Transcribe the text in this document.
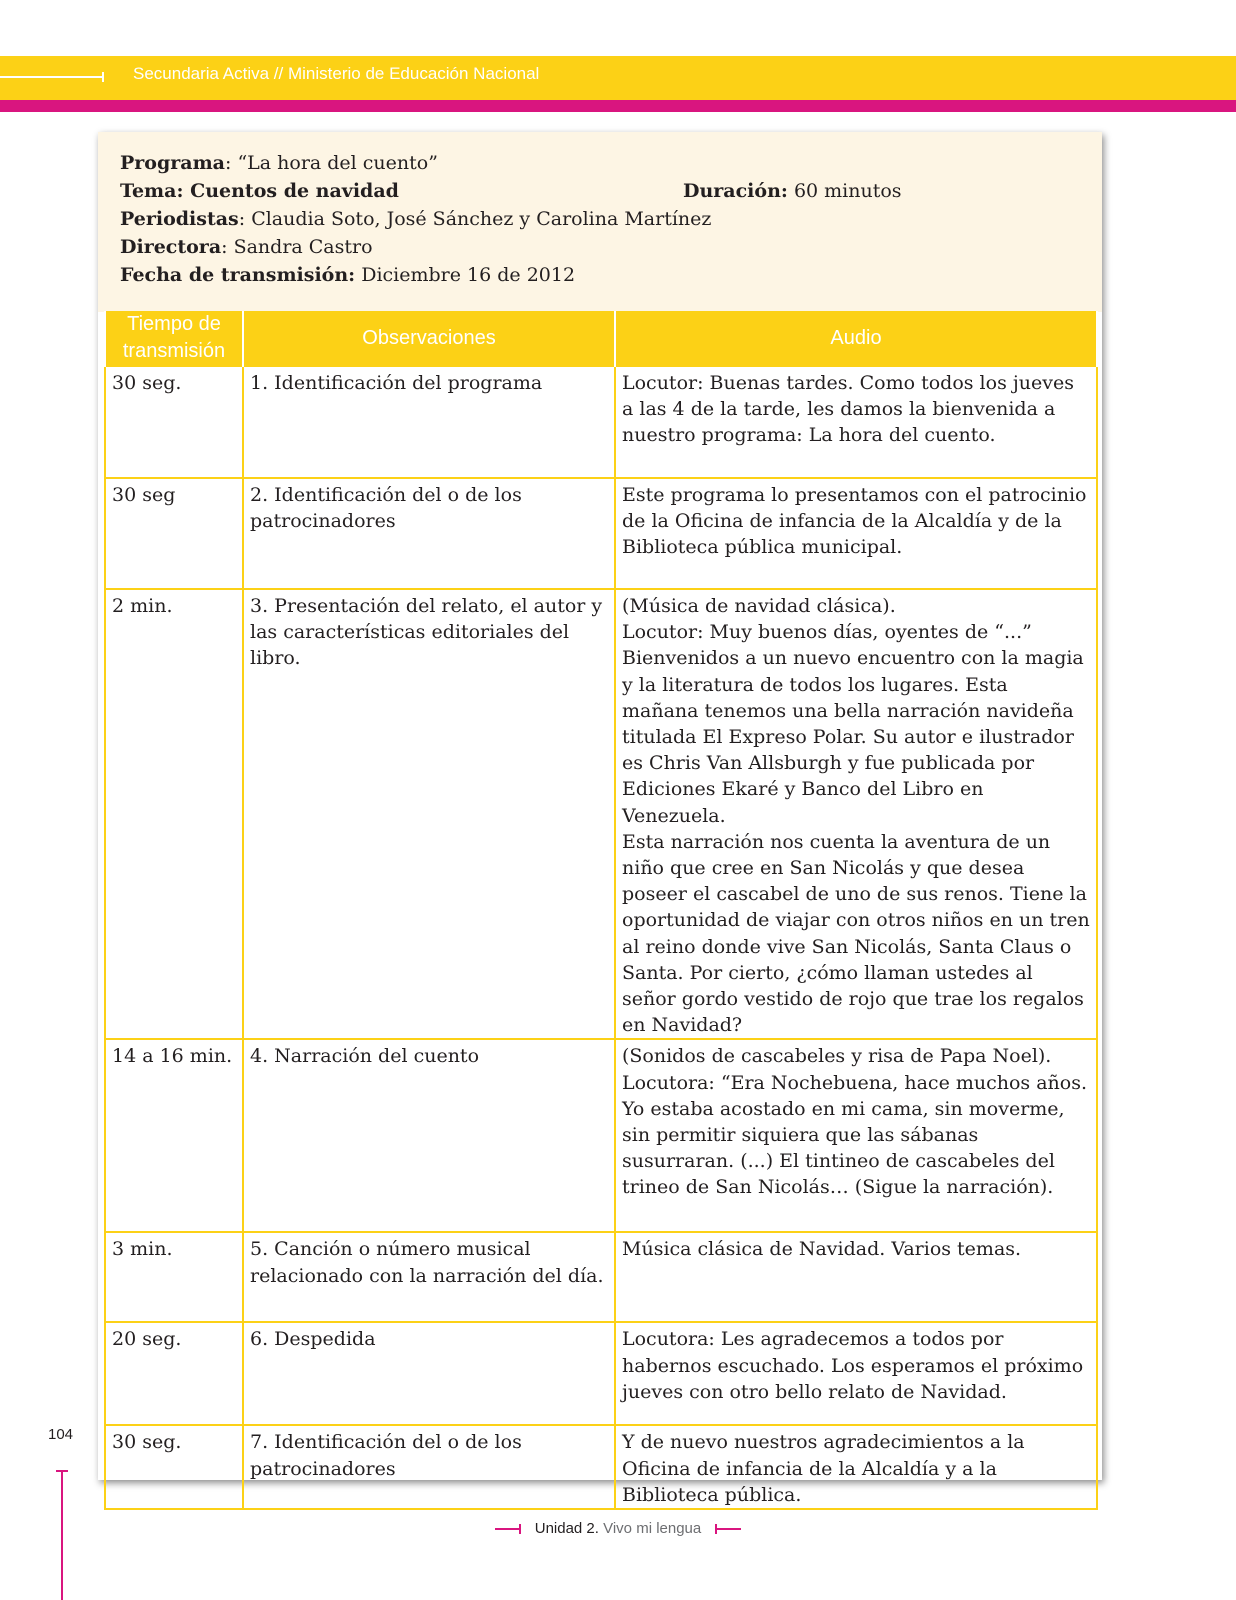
Secundaria Activa // Ministerio de Educación Nacional
Programa: “La hora del cuento”
Tema: Cuentos de navidad	Duración: 60 minutos
Periodistas: Claudia Soto, José Sánchez y Carolina Martínez
Directora: Sandra Castro
Fecha de transmisión: Diciembre 16 de 2012
Tiempo de transmisión	Observaciones	Audio
30 seg.	1. Identificación del programa	Locutor: Buenas tardes. Como todos los jueves a las 4 de la tarde, les damos la bienvenida a nuestro programa: La hora del cuento.

30 seg	2. Identificación del o de los patrocinadores	Este programa lo presentamos con el patrocinio de la Oficina de infancia de la Alcaldía y de la Biblioteca pública municipal.

2 min.	3. Presentación del relato, el autor y las características editoriales del libro.	(Música de navidad clásica).
Locutor: Muy buenos días, oyentes de “...” Bienvenidos a un nuevo encuentro con la magia y la literatura de todos los lugares. Esta mañana tenemos una bella narración navideña titulada El Expreso Polar. Su autor e ilustrador es Chris Van Allsburgh y fue publicada por Ediciones Ekaré y Banco del Libro en Venezuela.
Esta narración nos cuenta la aventura de un niño que cree en San Nicolás y que desea poseer el cascabel de uno de sus renos. Tiene la oportunidad de viajar con otros niños en un tren al reino donde vive San Nicolás, Santa Claus o Santa. Por cierto, ¿cómo llaman ustedes al señor gordo vestido de rojo que trae los regalos en Navidad?

14 a 16 min.	4. Narración del cuento	(Sonidos de cascabeles y risa de Papa Noel).
Locutora: “Era Nochebuena, hace muchos años. Yo estaba acostado en mi cama, sin moverme, sin permitir siquiera que las sábanas susurraran. (...) El tintineo de cascabeles del trineo de San Nicolás… (Sigue la narración).

3 min.	5. Canción o número musical relacionado con la narración del día.	Música clásica de Navidad. Varios temas.

20 seg.	6. Despedida	Locutora: Les agradecemos a todos por habernos escuchado. Los esperamos el próximo jueves con otro bello relato de Navidad.

30 seg.	7. Identificación del o de los patrocinadores	Y de nuevo nuestros agradecimientos a la Oficina de infancia de la Alcaldía y a la Biblioteca pública.
104
Unidad 2. Vivo mi lengua
